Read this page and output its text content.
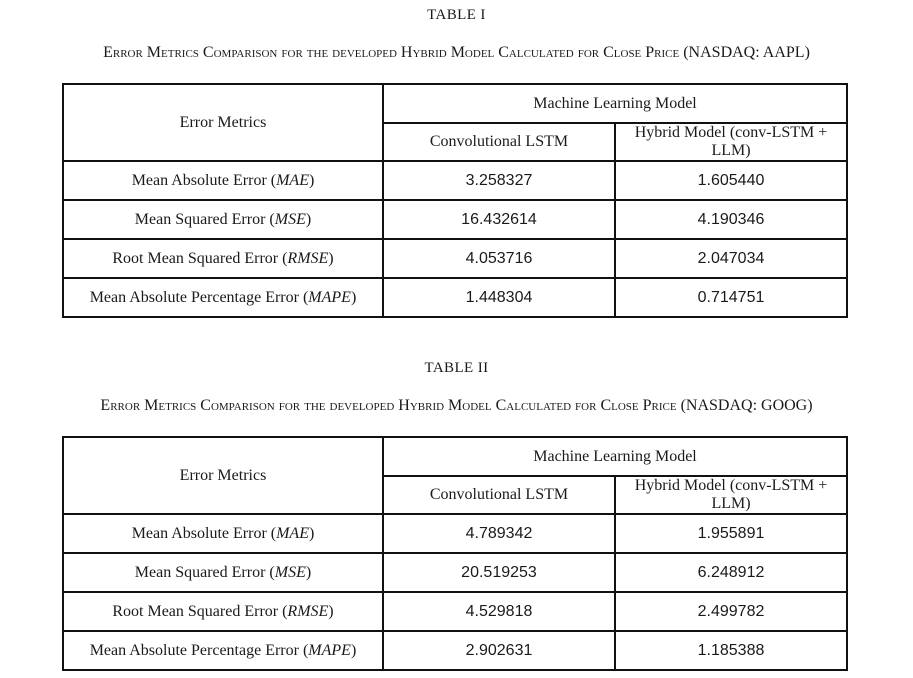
TABLE I
Error Metrics Comparison for the developed Hybrid Model Calculated for Close Price (NASDAQ: AAPL)
Error Metrics	Machine Learning Model	
	Convolutional LSTM	Hybrid Model (conv-LSTM + LLM)
Mean Absolute Error (MAE)	3.258327	1.605440
Mean Squared Error (MSE)	16.432614	4.190346
Root Mean Squared Error (RMSE)	4.053716	2.047034
Mean Absolute Percentage Error (MAPE)	1.448304	0.714751
TABLE II
Error Metrics Comparison for the developed Hybrid Model Calculated for Close Price (NASDAQ: GOOG)
Error Metrics	Machine Learning Model	
	Convolutional LSTM	Hybrid Model (conv-LSTM + LLM)
Mean Absolute Error (MAE)	4.789342	1.955891
Mean Squared Error (MSE)	20.519253	6.248912
Root Mean Squared Error (RMSE)	4.529818	2.499782
Mean Absolute Percentage Error (MAPE)	2.902631	1.185388
